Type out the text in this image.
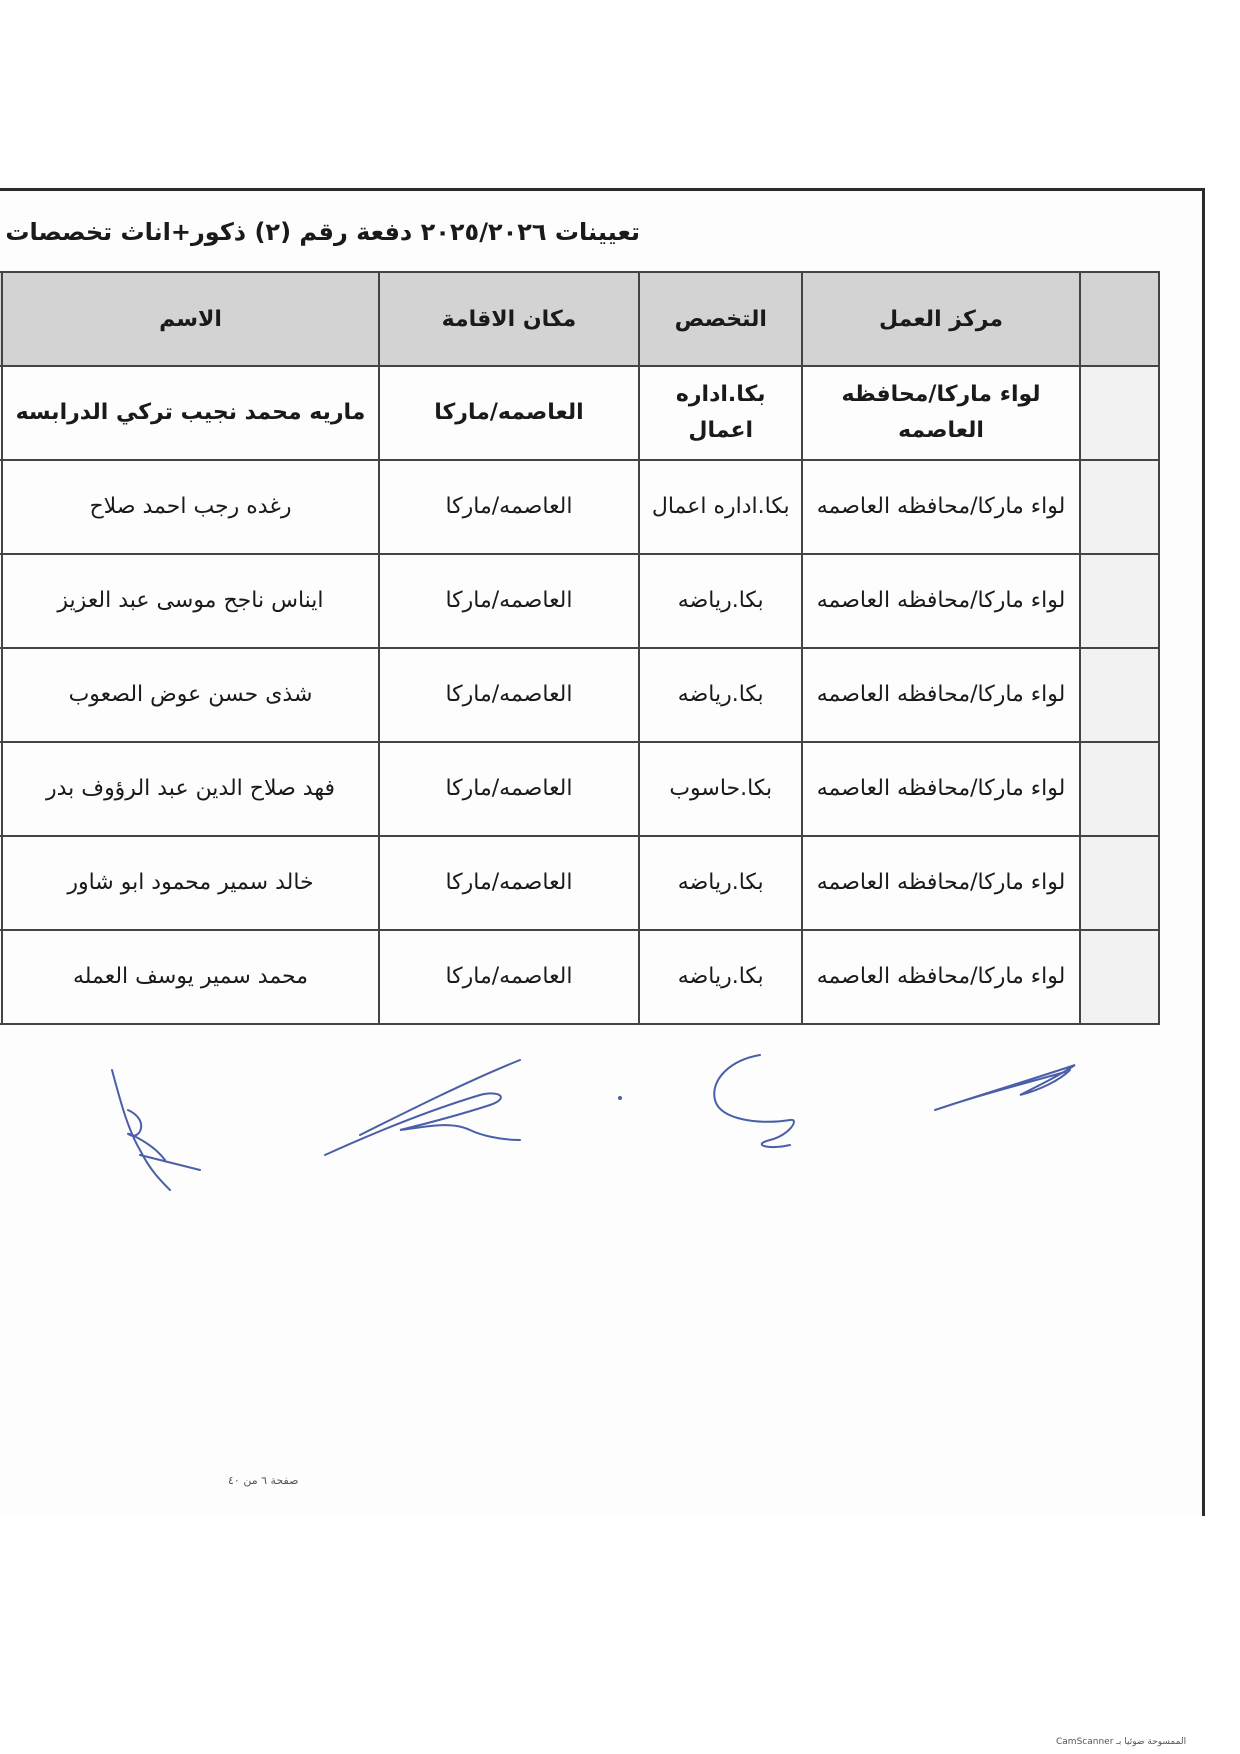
تعيينات ٢٠٢٥/٢٠٢٦ دفعة رقم (٢) ذكور+اناث تخصصات
	مركز العمل	التخصص	مكان الاقامة	الاسم	
	لواء ماركا/محافظه العاصمه	بكا.اداره اعمال	العاصمه/ماركا	ماريه محمد نجيب تركي الدرابسه	
	لواء ماركا/محافظه العاصمه	بكا.اداره اعمال	العاصمه/ماركا	رغده رجب احمد صلاح	
	لواء ماركا/محافظه العاصمه	بكا.رياضه	العاصمه/ماركا	ايناس ناجح موسى عبد العزيز	
	لواء ماركا/محافظه العاصمه	بكا.رياضه	العاصمه/ماركا	شذى حسن عوض الصعوب	
	لواء ماركا/محافظه العاصمه	بكا.حاسوب	العاصمه/ماركا	فهد صلاح الدين عبد الرؤوف بدر	
	لواء ماركا/محافظه العاصمه	بكا.رياضه	العاصمه/ماركا	خالد سمير محمود ابو شاور	
	لواء ماركا/محافظه العاصمه	بكا.رياضه	العاصمه/ماركا	محمد سمير يوسف العمله	
صفحة ٦ من ٤٠
الممسوحة ضوئيا بـ CamScanner
